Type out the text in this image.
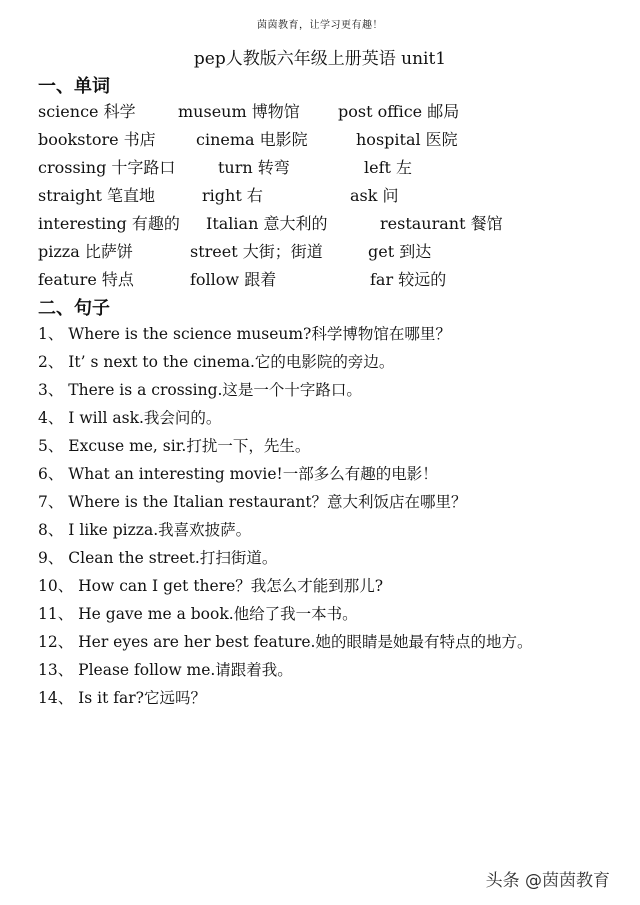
茵茵教育，让学习更有趣！
pep人教版六年级上册英语 unit1
一、单词
science 科学	museum 博物馆 post office 邮局
bookstore 书店	cinema 电影院	hospital 医院
crossing 十字路口	turn 转弯	left 左
straight 笔直地	right 右	ask 问
interesting 有趣的 Italian 意大利的	restaurant 餐馆
pizza 比萨饼	street 大街；街道	get 到达
feature 特点	follow 跟着	far 较远的
二、句子
1、 Where is the science museum?科学博物馆在哪里？
2、 It’ s next to the cinema.它的电影院的旁边。
3、 There is a crossing.这是一个十字路口。
4、 I will ask.我会问的。
5、 Excuse me, sir.打扰一下，先生。
6、 What an interesting movie!一部多么有趣的电影！
7、 Where is the Italian restaurant？意大利饭店在哪里？
8、 I like pizza.我喜欢披萨。
9、 Clean the street.打扫街道。
10、 How can I get there？我怎么才能到那儿?
11、 He gave me a book.他给了我一本书。
12、 Her eyes are her best feature.她的眼睛是她最有特点的地方。
13、 Please follow me.请跟着我。
14、 Is it far?它远吗？
头条 @茵茵教育
